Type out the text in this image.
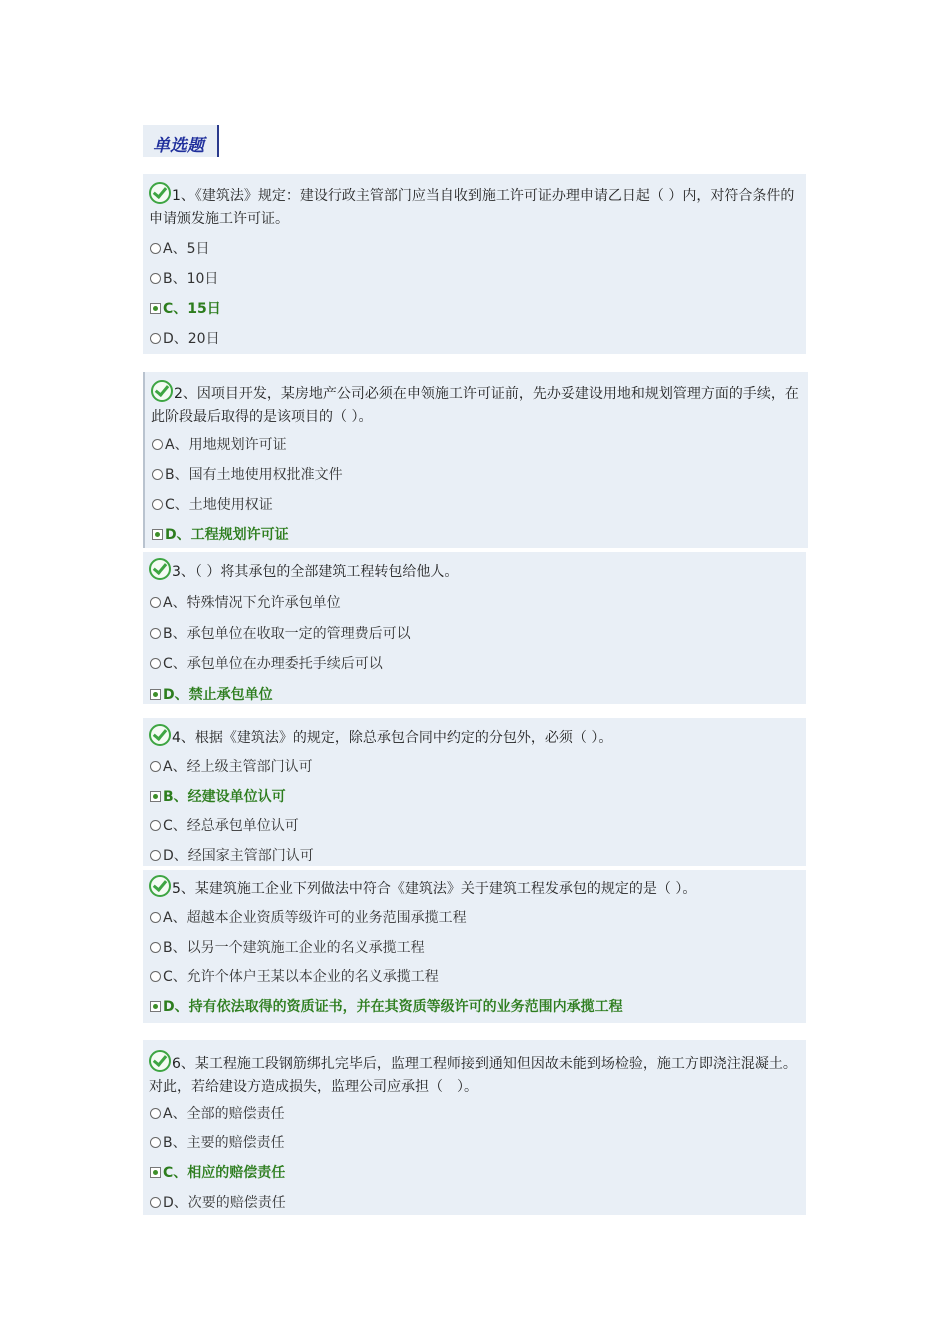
单选题
1、《建筑法》规定：建设行政主管部门应当自收到施工许可证办理申请乙日起（ ）内，对符合条件的申请颁发施工许可证。
A、5日
B、10日
C、15日
D、20日
2、因项目开发，某房地产公司必须在申领施工许可证前，先办妥建设用地和规划管理方面的手续，在此阶段最后取得的是该项目的（ ）。
A、用地规划许可证
B、国有土地使用权批准文件
C、土地使用权证
D、工程规划许可证
3、（ ）将其承包的全部建筑工程转包给他人。
A、特殊情况下允许承包单位
B、承包单位在收取一定的管理费后可以
C、承包单位在办理委托手续后可以
D、禁止承包单位
4、根据《建筑法》的规定，除总承包合同中约定的分包外，必须（ ）。
A、经上级主管部门认可
B、经建设单位认可
C、经总承包单位认可
D、经国家主管部门认可
5、某建筑施工企业下列做法中符合《建筑法》关于建筑工程发承包的规定的是（ ）。
A、超越本企业资质等级许可的业务范围承揽工程
B、以另一个建筑施工企业的名义承揽工程
C、允许个体户王某以本企业的名义承揽工程
D、持有依法取得的资质证书，并在其资质等级许可的业务范围内承揽工程
6、某工程施工段钢筋绑扎完毕后，监理工程师接到通知但因故未能到场检验，施工方即浇注混凝土。对此，若给建设方造成损失，监理公司应承担（　）。
A、全部的赔偿责任
B、主要的赔偿责任
C、相应的赔偿责任
D、次要的赔偿责任
